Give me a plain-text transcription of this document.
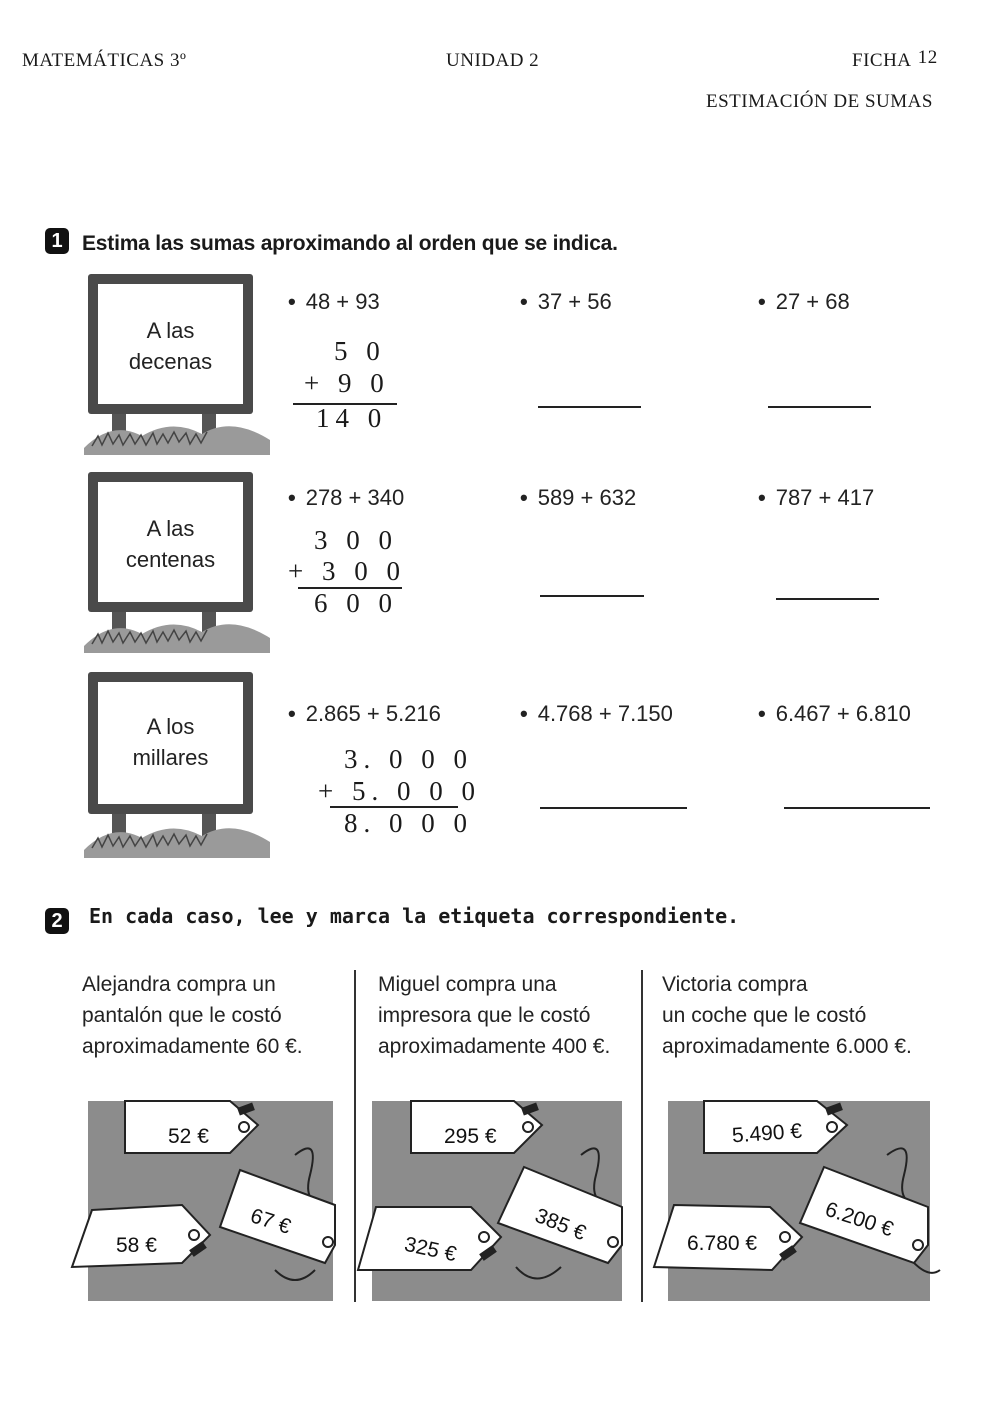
MATEMÁTICAS 3º	UNIDAD 2	FICHA 12
ESTIMACIÓN DE SUMAS
1 Estima las sumas aproximando al orden que se indica.
A las
decenas
A las
centenas
A los
millares
• 48 + 93	• 37 + 56	• 27 + 68
5 0
+ 9 0
14 0
• 278 + 340	• 589 + 632	• 787 + 417
3 0 0
+ 3 0 0
6 0 0
• 2.865 + 5.216	• 4.768 + 7.150	• 6.467 + 6.810
3. 0 0 0
+ 5. 0 0 0
8. 0 0 0
2	En cada caso, lee y marca la etiqueta correspondiente.
Alejandra compra un
pantalón que le costó
aproximadamente 60 €.
Miguel compra una
impresora que le costó
aproximadamente 400 €.
Victoria compra
un coche que le costó
aproximadamente 6.000 €.
52 €
67 €
58 €
295 €
385 €
325 €
5.490 €
6.200 €
6.780 €
